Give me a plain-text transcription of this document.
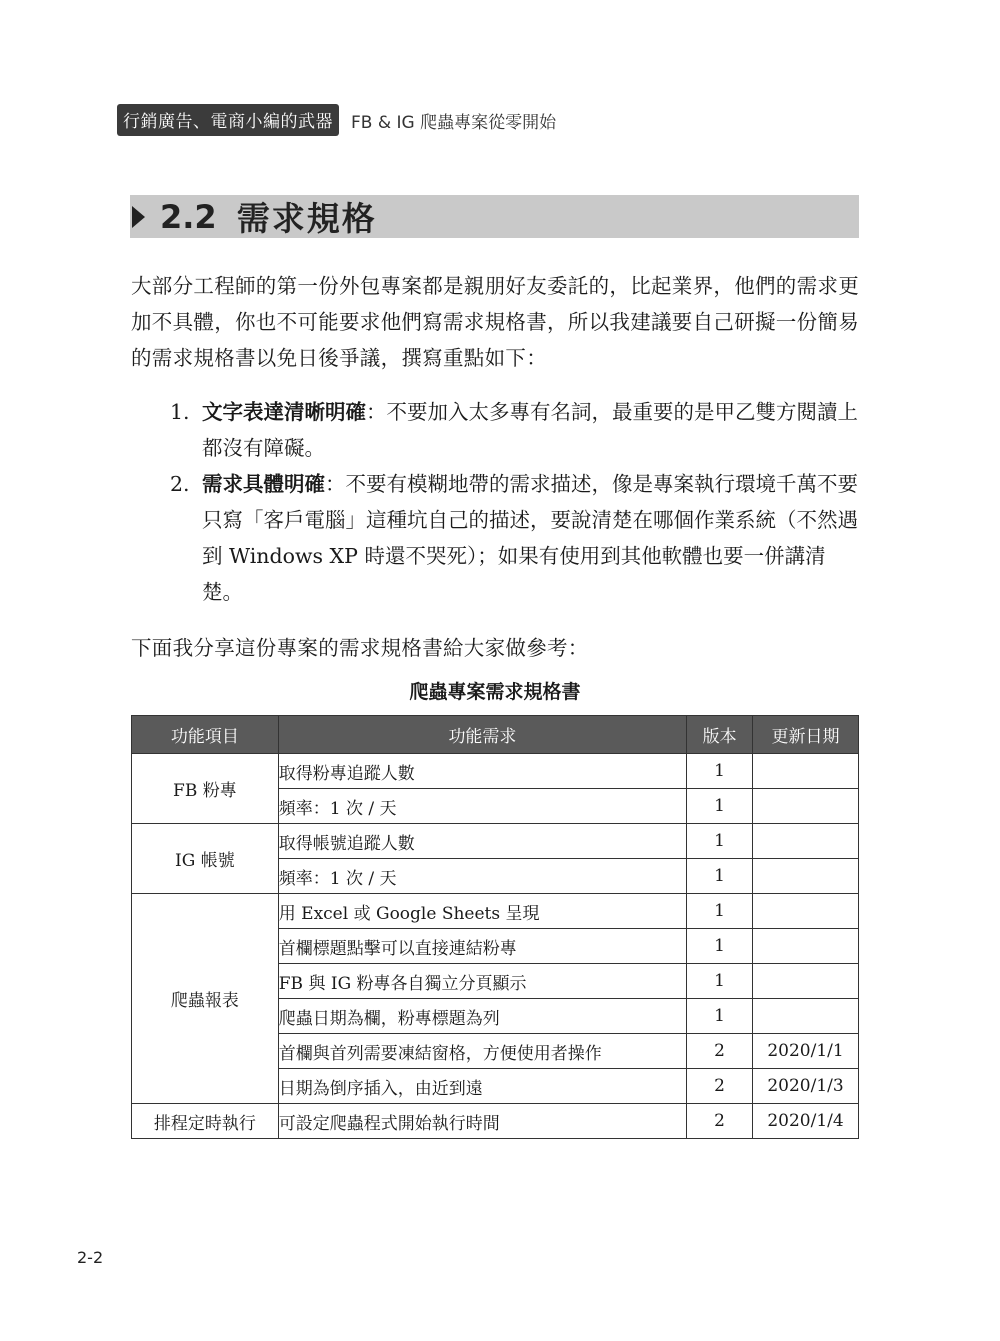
行銷廣告、電商小編的武器	FB & IG 爬蟲專案從零開始
2.2 需求規格
大部分工程師的第一份外包專案都是親朋好友委託的，比起業界，他們的需求更加不具體，你也不可能要求他們寫需求規格書，所以我建議要自己研擬一份簡易的需求規格書以免日後爭議，撰寫重點如下：
1. 文字表達清晰明確：不要加入太多專有名詞，最重要的是甲乙雙方閱讀上都沒有障礙。
2. 需求具體明確：不要有模糊地帶的需求描述，像是專案執行環境千萬不要只寫「客戶電腦」這種坑自己的描述，要說清楚在哪個作業系統（不然遇到 Windows XP 時還不哭死）；如果有使用到其他軟體也要一併講清楚。
下面我分享這份專案的需求規格書給大家做參考：
爬蟲專案需求規格書
功能項目	功能需求	版本	更新日期
FB 粉專	取得粉專追蹤人數	1	
	頻率：1 次 / 天	1	
IG 帳號	取得帳號追蹤人數	1	
	頻率：1 次 / 天	1	
爬蟲報表	用 Excel 或 Google Sheets 呈現	1	
	首欄標題點擊可以直接連結粉專	1	
	FB 與 IG 粉專各自獨立分頁顯示	1	
	爬蟲日期為欄，粉專標題為列	1	
	首欄與首列需要凍結窗格，方便使用者操作	2	2020/1/1
	日期為倒序插入，由近到遠	2	2020/1/3
排程定時執行	可設定爬蟲程式開始執行時間	2	2020/1/4
2-2
